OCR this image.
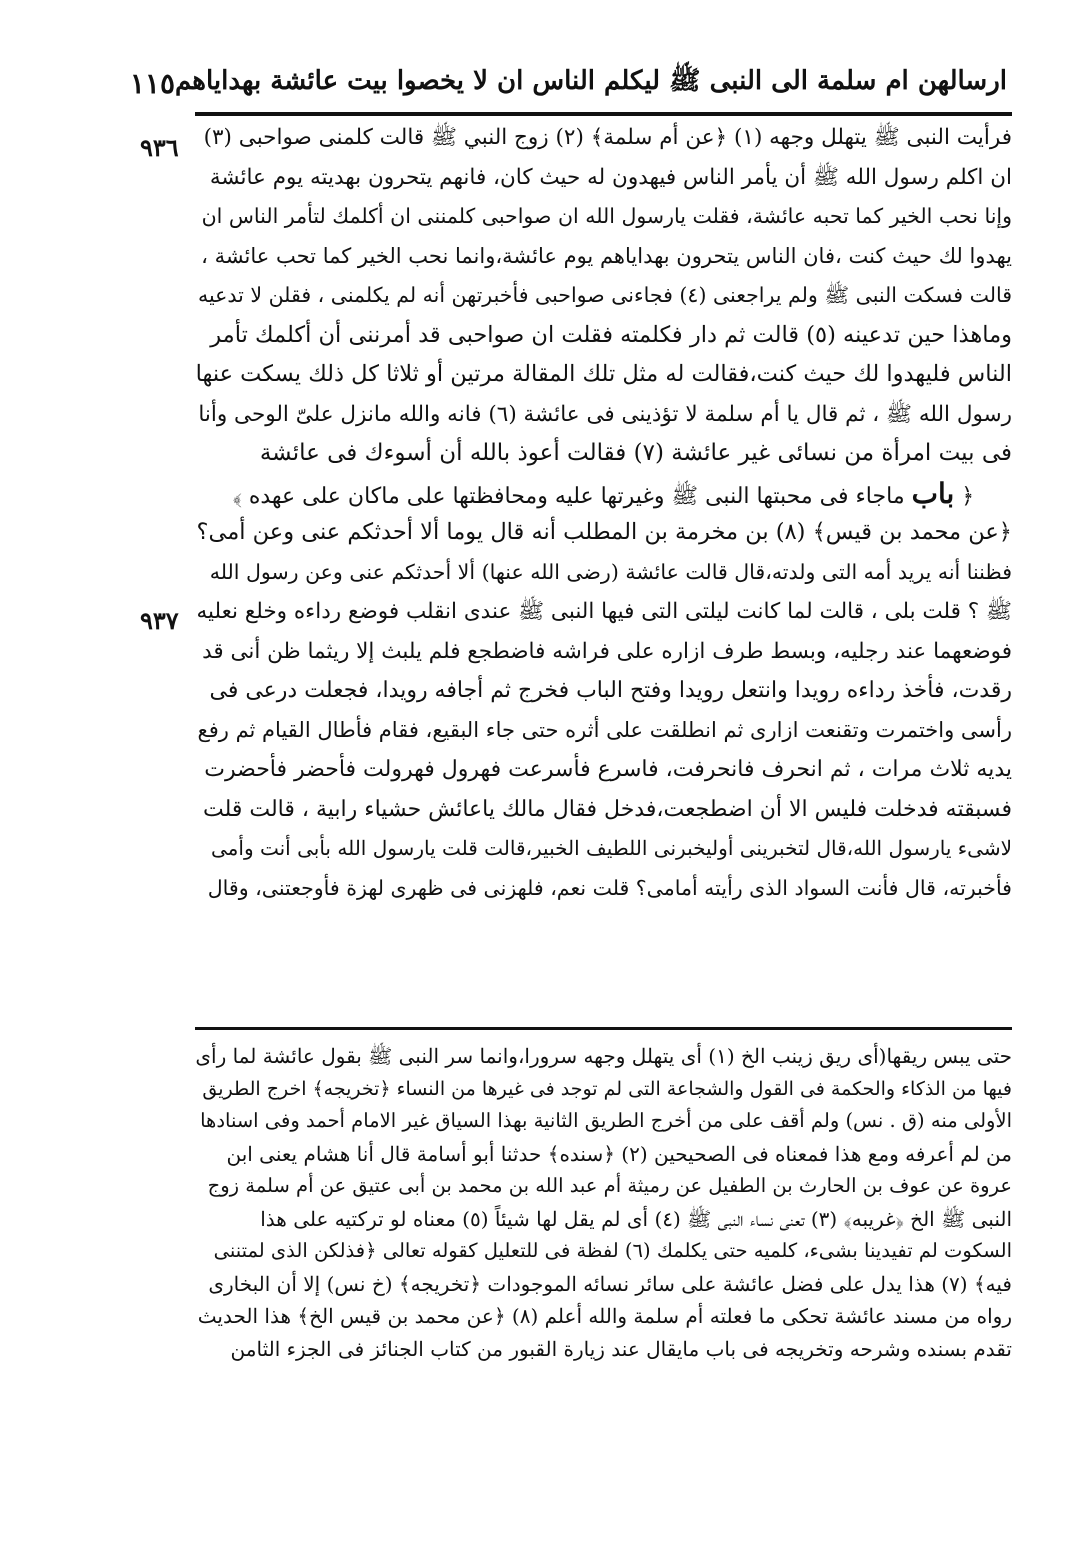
ارسالهن ام سلمة الى النبى ﷺ ليكلم الناس ان لا يخصوا بيت عائشة بهداياهم
١١٥
٩٣٦
٩٣٧
فرأيت النبى ﷺ يتهلل وجهه (١) ﴿عن أم سلمة﴾ (٢) زوج النبي ﷺ قالت كلمنى صواحبى (٣)
ان اكلم رسول الله ﷺ أن يأمر الناس فيهدون له حيث كان، فانهم يتحرون بهديته يوم عائشة
وإنا نحب الخير كما تحبه عائشة، فقلت يارسول الله ان صواحبى كلمننى ان أكلمك لتأمر الناس ان
يهدوا لك حيث كنت ،فان الناس يتحرون بهداياهم يوم عائشة،وانما نحب الخير كما تحب عائشة ،
قالت فسكت النبى ﷺ ولم يراجعنى (٤) فجاءنى صواحبى فأخبرتهن أنه لم يكلمنى ، فقلن لا تدعيه
وماهذا حين تدعينه (٥) قالت ثم دار فكلمته فقلت ان صواحبى قد أمرننى أن أكلمك تأمر
الناس فليهدوا لك حيث كنت،فقالت له مثل تلك المقالة مرتين أو ثلاثا كل ذلك يسكت عنها
رسول الله ﷺ ، ثم قال يا أم سلمة لا تؤذينى فى عائشة (٦) فانه والله مانزل علىّ الوحى وأنا
فى بيت امرأة من نسائى غير عائشة (٧) فقالت أعوذ بالله أن أسوءك فى عائشة
﴿ باب ماجاء فى محبتها النبى ﷺ وغيرتها عليه ومحافظتها على ماكان على عهده ﴾
﴿عن محمد بن قيس﴾ (٨) بن مخرمة بن المطلب أنه قال يوما ألا أحدثكم عنى وعن أمى؟
فظننا أنه يريد أمه التى ولدته،قال قالت عائشة (رضى الله عنها) ألا أحدثكم عنى وعن رسول الله
ﷺ ؟ قلت بلى ، قالت لما كانت ليلتى التى فيها النبى ﷺ عندى انقلب فوضع رداءه وخلع نعليه
فوضعهما عند رجليه، وبسط طرف ازاره على فراشه فاضطجع فلم يلبث إلا ريثما ظن أنى قد
رقدت، فأخذ رداءه رويدا وانتعل رويدا وفتح الباب فخرج ثم أجافه رويدا، فجعلت درعى فى
رأسى واختمرت وتقنعت ازارى ثم انطلقت على أثره حتى جاء البقيع، فقام فأطال القيام ثم رفع
يديه ثلاث مرات ، ثم انحرف فانحرفت، فاسرع فأسرعت فهرول فهرولت فأحضر فأحضرت
فسبقته فدخلت فليس الا أن اضطجعت،فدخل فقال مالك ياعائش حشياء رابية ، قالت قلت
لاشىء يارسول الله،قال لتخبرينى أوليخبرنى اللطيف الخبير،قالت قلت يارسول الله بأبى أنت وأمى
فأخبرته، قال فأنت السواد الذى رأيته أمامى؟ قلت نعم، فلهزنى فى ظهرى لهزة فأوجعتنى، وقال
حتى يبس ريقها(أى ريق زينب الخ (١) أى يتهلل وجهه سرورا،وانما سر النبى ﷺ بقول عائشة لما رأى
فيها من الذكاء والحكمة فى القول والشجاعة التى لم توجد فى غيرها من النساء ﴿تخريجه﴾ اخرج الطريق
الأولى منه (ق . نس) ولم أقف على من أخرج الطريق الثانية بهذا السياق غير الامام أحمد وفى اسنادها
من لم أعرفه ومع هذا فمعناه فى الصحيحين (٢) ﴿سنده﴾ حدثنا أبو أسامة قال أنا هشام يعنى ابن
عروة عن عوف بن الحارث بن الطفيل عن رميثة أم عبد الله بن محمد بن أبى عتيق عن أم سلمة زوج
النبى ﷺ الخ ﴿غريبه﴾ (٣) تعنى نساء النبى ﷺ (٤) أى لم يقل لها شيئاً (٥) معناه لو تركتيه على هذا
السكوت لم تفيدينا بشىء، كلميه حتى يكلمك (٦) لفظة فى للتعليل كقوله تعالى ﴿فذلكن الذى لمتننى
فيه﴾ (٧) هذا يدل على فضل عائشة على سائر نسائه الموجودات ﴿تخريجه﴾ (خ نس) إلا أن البخارى
رواه من مسند عائشة تحكى ما فعلته أم سلمة والله أعلم (٨) ﴿عن محمد بن قيس الخ﴾ هذا الحديث
تقدم بسنده وشرحه وتخريجه فى باب مايقال عند زيارة القبور من كتاب الجنائز فى الجزء الثامن
